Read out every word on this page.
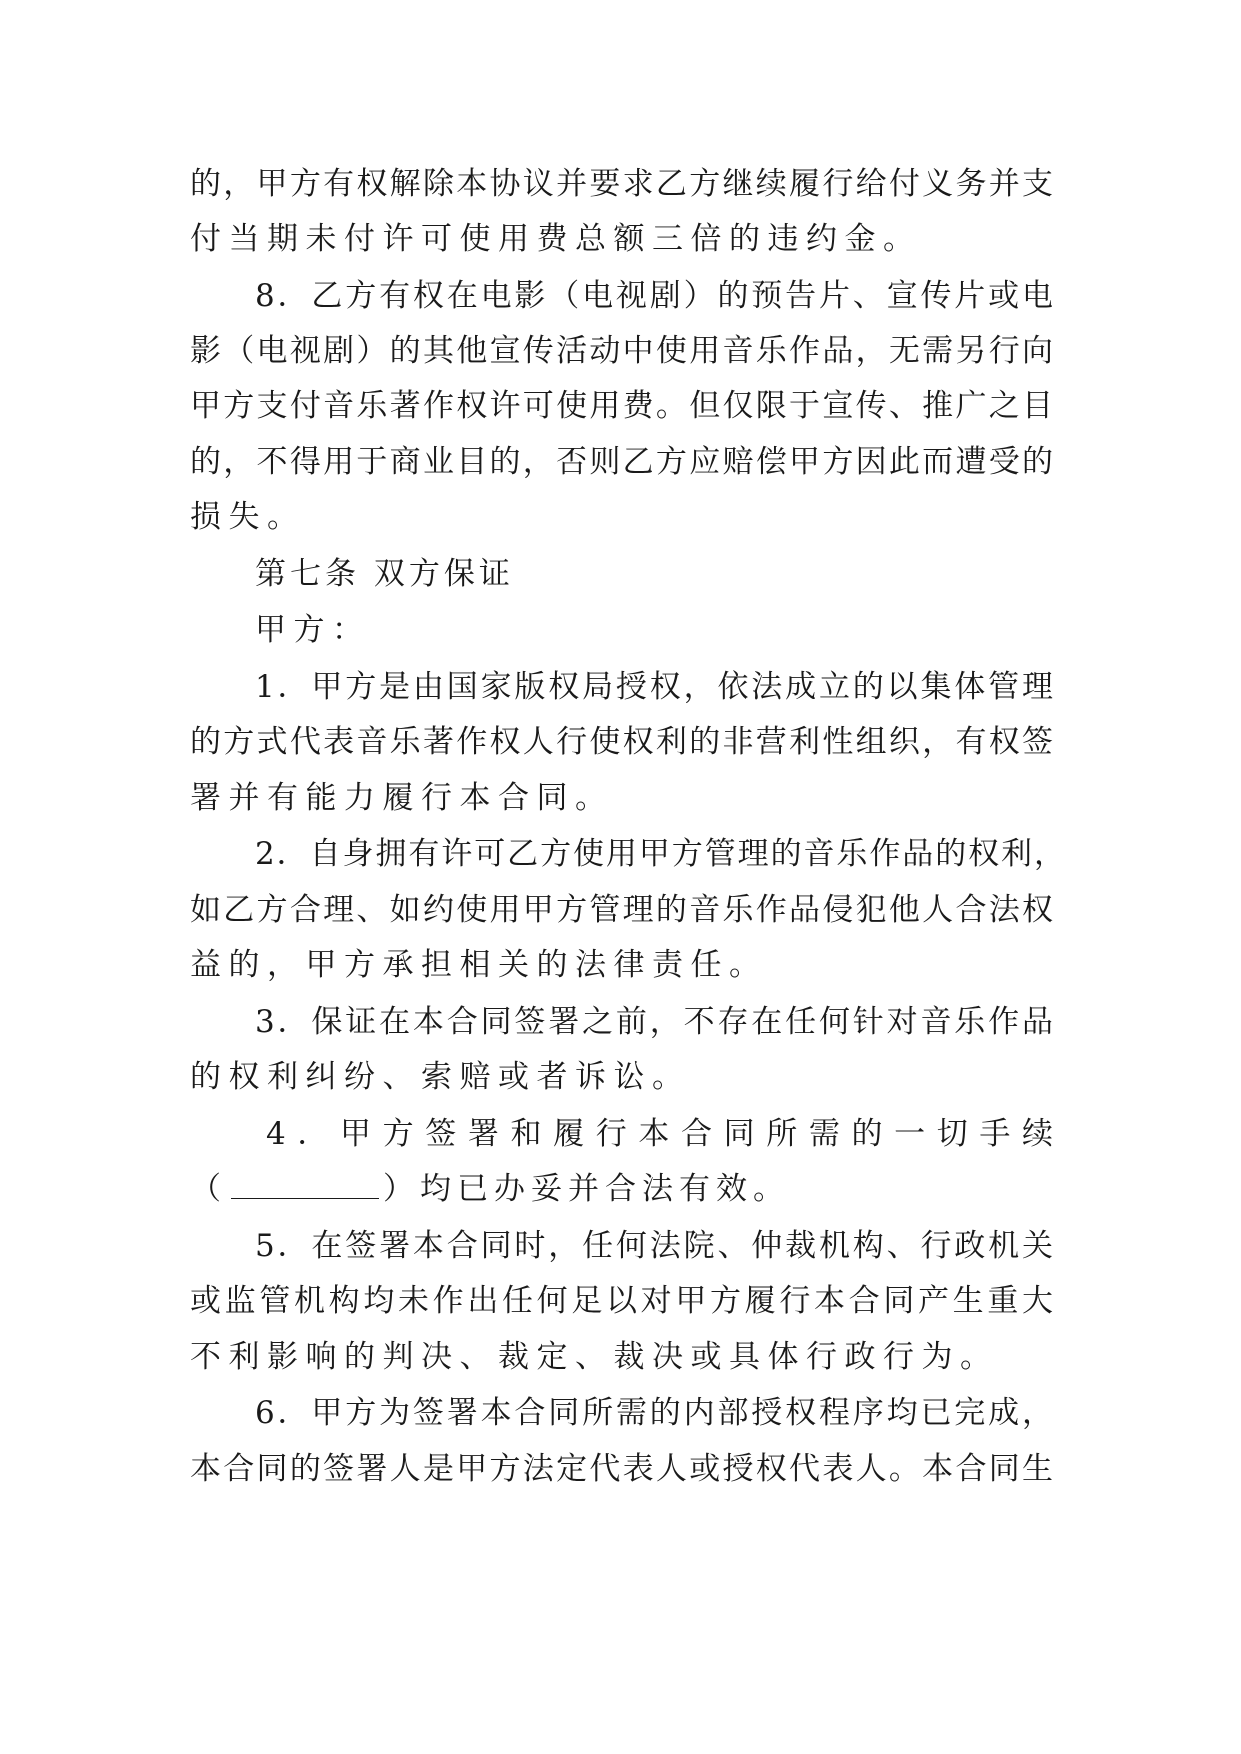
的，甲方有权解除本协议并要求乙方继续履行给付义务并支
付当期未付许可使用费总额三倍的违约金。
8．乙方有权在电影（电视剧）的预告片、宣传片或电
影（电视剧）的其他宣传活动中使用音乐作品，无需另行向
甲方支付音乐著作权许可使用费。但仅限于宣传、推广之目
的，不得用于商业目的，否则乙方应赔偿甲方因此而遭受的
损失。
第七条 双方保证
甲方：
1．甲方是由国家版权局授权，依法成立的以集体管理
的方式代表音乐著作权人行使权利的非营利性组织，有权签
署并有能力履行本合同。
2．自身拥有许可乙方使用甲方管理的音乐作品的权利，
如乙方合理、如约使用甲方管理的音乐作品侵犯他人合法权
益的，甲方承担相关的法律责任。
3．保证在本合同签署之前，不存在任何针对音乐作品
的权利纠纷、索赔或者诉讼。
4．甲方签署和履行本合同所需的一切手续
（	）均已办妥并合法有效。
5．在签署本合同时，任何法院、仲裁机构、行政机关
或监管机构均未作出任何足以对甲方履行本合同产生重大
不利影响的判决、裁定、裁决或具体行政行为。
6．甲方为签署本合同所需的内部授权程序均已完成，
本合同的签署人是甲方法定代表人或授权代表人。本合同生
